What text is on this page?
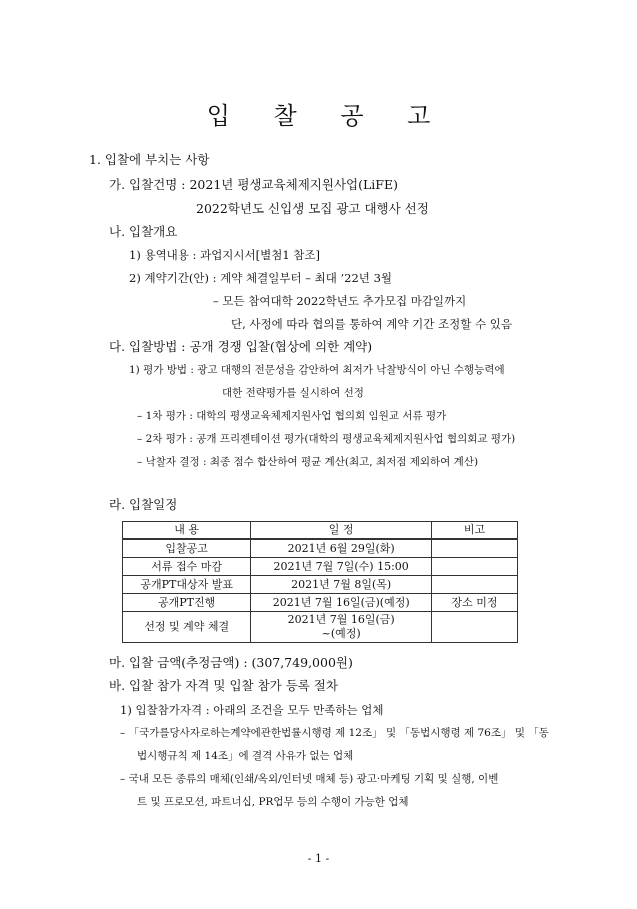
입 찰 공 고
1. 입찰에 부치는 사항
가. 입찰건명 : 2021년 평생교육체제지원사업(LiFE)
2022학년도 신입생 모집 광고 대행사 선정
나. 입찰개요
1) 용역내용 : 과업지시서[별첨1 참조]
2) 계약기간(안) : 계약 체결일부터 – 최대 ’22년 3월
– 모든 참여대학 2022학년도 추가모집 마감일까지
단, 사정에 따라 협의를 통하여 계약 기간 조정할 수 있음
다. 입찰방법 : 공개 경쟁 입찰(협상에 의한 계약)
1) 평가 방법 : 광고 대행의 전문성을 감안하여 최저가 낙찰방식이 아닌 수행능력에
대한 전략평가를 실시하여 선정
– 1차 평가 : 대학의 평생교육체제지원사업 협의회 임원교 서류 평가
– 2차 평가 : 공개 프리젠테이션 평가(대학의 평생교육체제지원사업 협의회교 평가)
– 낙찰자 결정 : 최종 점수 합산하여 평균 계산(최고, 최저점 제외하여 계산)
라. 입찰일정
내 용	일 정	비고
입찰공고	2021년 6월 29일(화)	
서류 접수 마감	2021년 7월 7일(수) 15:00	
공개PT대상자 발표	2021년 7월 8일(목)	
공개PT진행	2021년 7월 16일(금)(예정)	장소 미정
선정 및 계약 체결	2021년 7월 16일(금)
~(예정)	

마. 입찰 금액(추정금액) : (307,749,000원)
바. 입찰 참가 자격 및 입찰 참가 등록 절차
1) 입찰참가자격 : 아래의 조건을 모두 만족하는 업체
– 「국가를당사자로하는계약에관한법률시행령 제 12조」 및 「동법시행령 제 76조」 및 「동
법시행규칙 제 14조」에 결격 사유가 없는 업체
– 국내 모든 종류의 매체(인쇄/옥외/인터넷 매체 등) 광고·마케팅 기획 및 실행, 이벤
트 및 프로모션, 파트너십, PR업무 등의 수행이 가능한 업체
- 1 -
